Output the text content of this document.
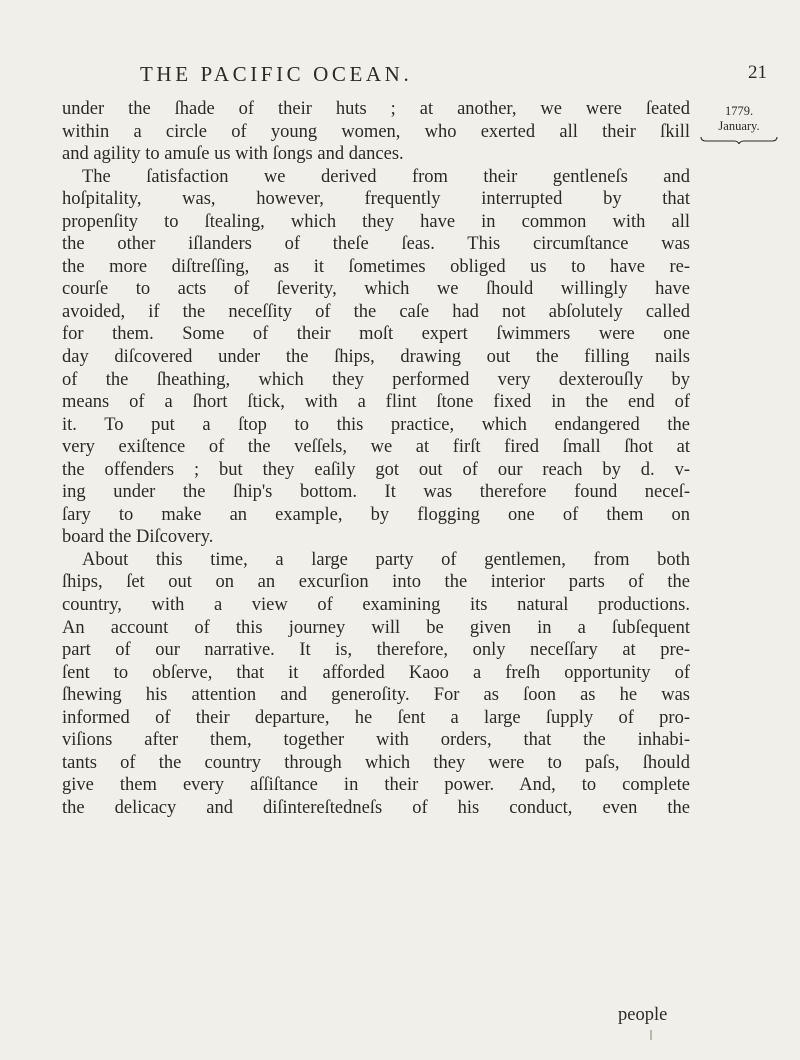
THE PACIFIC OCEAN.	21
1779.
January.
under the ſhade of their huts ; at another, we were ſeated
within a circle of young women, who exerted all their ſkill
and agility to amuſe us with ſongs and dances.
The ſatisfaction we derived from their gentleneſs and
hoſpitality, was, however, frequently interrupted by that
propenſity to ſtealing, which they have in common with all
the other iſlanders of theſe ſeas. This circumſtance was
the more diſtreſſing, as it ſometimes obliged us to have re-
courſe to acts of ſeverity, which we ſhould willingly have
avoided, if the neceſſity of the caſe had not abſolutely called
for them. Some of their moſt expert ſwimmers were one
day diſcovered under the ſhips, drawing out the filling nails
of the ſheathing, which they performed very dexterouſly by
means of a ſhort ſtick, with a flint ſtone fixed in the end of
it. To put a ſtop to this practice, which endangered the
very exiſtence of the veſſels, we at firſt fired ſmall ſhot at
the offenders ; but they eaſily got out of our reach by d. v-
ing under the ſhip's bottom. It was therefore found neceſ-
ſary to make an example, by flogging one of them on
board the Diſcovery.
About this time, a large party of gentlemen, from both
ſhips, ſet out on an excurſion into the interior parts of the
country, with a view of examining its natural productions.
An account of this journey will be given in a ſubſequent
part of our narrative. It is, therefore, only neceſſary at pre-
ſent to obſerve, that it afforded Kaoo a freſh opportunity of
ſhewing his attention and generoſity. For as ſoon as he was
informed of their departure, he ſent a large ſupply of pro-
viſions after them, together with orders, that the inhabi-
tants of the country through which they were to paſs, ſhould
give them every aſſiſtance in their power. And, to complete
the delicacy and diſintereſtedneſs of his conduct, even the
people
